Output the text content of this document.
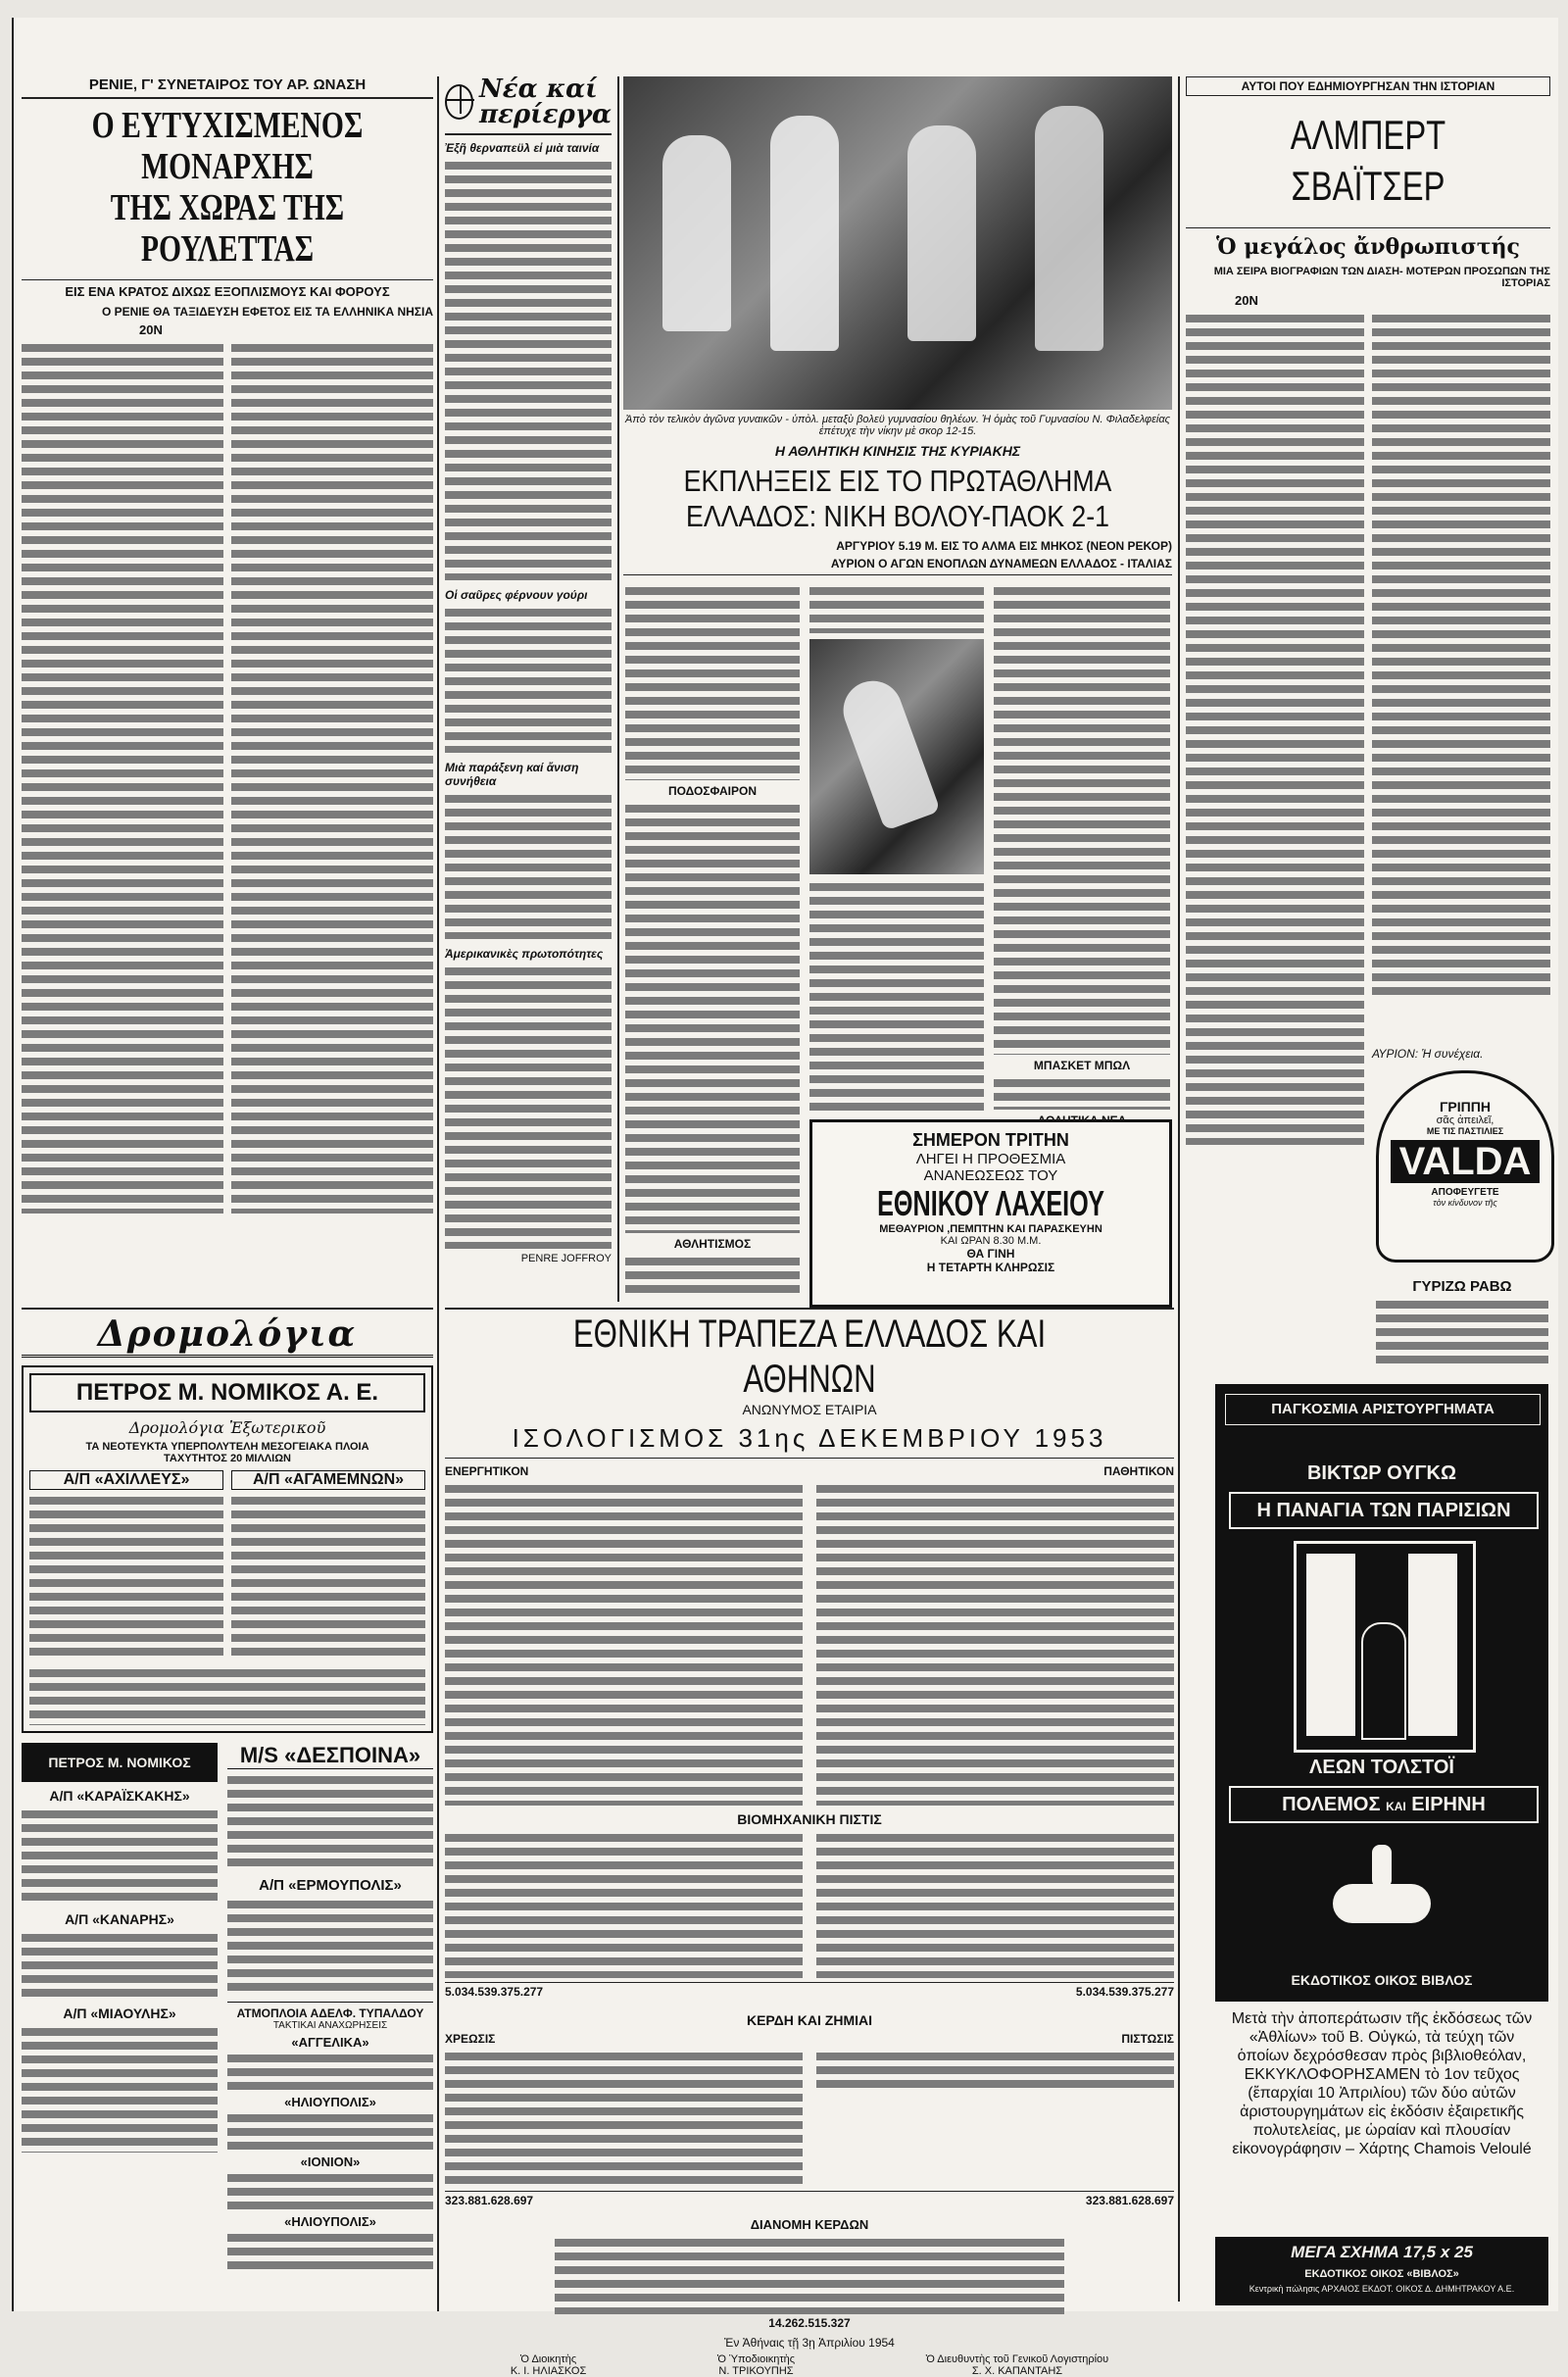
ΡΕΝΙΕ, Γ' ΣΥΝΕΤΑΙΡΟΣ ΤΟΥ ΑΡ. ΩΝΑΣΗ
Ο ΕΥΤΥΧΙΣΜΕΝΟΣ ΜΟΝΑΡΧΗΣ
ΤΗΣ ΧΩΡΑΣ ΤΗΣ ΡΟΥΛΕΤΤΑΣ
ΕΙΣ ΕΝΑ ΚΡΑΤΟΣ ΔΙΧΩΣ ΕΞΟΠΛΙΣΜΟΥΣ ΚΑΙ ΦΟΡΟΥΣ
Ο ΡΕΝΙΕ ΘΑ ΤΑΞΙΔΕΥΣΗ ΕΦΕΤΟΣ ΕΙΣ ΤΑ ΕΛΛΗΝΙΚΑ ΝΗΣΙΑ
20Ν
Νέα καί
περίεργα
Ἐξῆ θερναπεϋλ εἰ μιὰ ταινία
Οἱ σαῦρες φέρνουν γούρι
Μιὰ παράξενη καί ἄνιση συνήθεια
Ἀμερικανικὲς πρωτοπότητες
PENRE JOFFROY
Ἀπὸ τὸν τελικὸν ἀγῶνα γυναικῶν - ὑπὸλ. μεταξὺ βολεϋ γυμνασίου θηλέων. Ἡ ὁμὰς τοῦ Γυμνασίου Ν. Φιλαδελφείας ἐπέτυχε τὴν νίκην μὲ σκορ 12-15.
Η ΑΘΛΗΤΙΚΗ ΚΙΝΗΣΙΣ ΤΗΣ ΚΥΡΙΑΚΗΣ
ΕΚΠΛΗΞΕΙΣ ΕΙΣ ΤΟ ΠΡΩΤΑΘΛΗΜΑ
ΕΛΛΑΔΟΣ: ΝΙΚΗ ΒΟΛΟΥ-ΠΑΟΚ 2-1
ΑΡΓΥΡΙΟΥ 5.19 Μ. ΕΙΣ ΤΟ ΑΛΜΑ ΕΙΣ ΜΗΚΟΣ (ΝΕΟΝ ΡΕΚΟΡ)
ΑΥΡΙΟΝ Ο ΑΓΩΝ ΕΝΟΠΛΩΝ ΔΥΝΑΜΕΩΝ ΕΛΛΑΔΟΣ - ΙΤΑΛΙΑΣ
ΠΟΔΟΣΦΑΙΡΟΝ
ΑΘΛΗΤΙΣΜΟΣ
ΜΠΑΣΚΕΤ ΜΠΩΛ
ΣΗΜΕΡΟΝ ΤΡΙΤΗΝ
ΛΗΓΕΙ Η ΠΡΟΘΕΣΜΙΑ
ΑΝΑΝΕΩΣΕΩΣ ΤΟΥ
ΕΘΝΙΚΟΥ ΛΑΧΕΙΟΥ
ΜΕΘΑΥΡΙΟΝ ,ΠΕΜΠΤΗΝ ΚΑΙ ΠΑΡΑΣΚΕΥΗΝ
ΚΑΙ ΩΡΑΝ 8.30 Μ.Μ.
ΘΑ ΓΙΝΗ
Η ΤΕΤΑΡΤΗ ΚΛΗΡΩΣΙΣ
ΑΥΤΟΙ ΠΟΥ ΕΔΗΜΙΟΥΡΓΗΣΑΝ ΤΗΝ ΙΣΤΟΡΙΑΝ
ΑΛΜΠΕΡΤ ΣΒΑΪΤΣΕΡ
Ὁ μεγάλος ἄνθρωπιστής
ΜΙΑ ΣΕΙΡΑ ΒΙΟΓΡΑΦΙΩΝ ΤΩΝ ΔΙΑΣΗ- ΜΟΤΕΡΩΝ ΠΡΟΣΩΠΩΝ ΤΗΣ ΙΣΤΟΡΙΑΣ
20Ν
ΑΥΡΙΟΝ: Ἡ συνέχεια.
ΓΡΙΠΠΗ
σᾶς ἀπειλεῖ,
ΜΕ ΤΙΣ ΠΑΣΤΙΛΙΕΣ
VALDA
ΑΠΟΦΕΥΓΕΤΕ
τὸν κίνδυνον τῆς
ΓΥΡΙΖΩ ΡΑΒΩ
ΠΑΓΚΟΣΜΙΑ ΑΡΙΣΤΟΥΡΓΗΜΑΤΑ
ΒΙΚΤΩΡ ΟΥΓΚΩ
Η ΠΑΝΑΓΙΑ ΤΩΝ ΠΑΡΙΣΙΩΝ
ΛΕΩΝ ΤΟΛΣΤΟΪ
ΠΟΛΕΜΟΣ ΚΑΙ ΕΙΡΗΝΗ
ΕΚΔΟΤΙΚΟΣ ΟΙΚΟΣ ΒΙΒΛΟΣ
Μετὰ τὴν ἀποπεράτωσιν τῆς ἐκδόσεως τῶν «Ἀθλίων» τοῦ Β. Οὐγκώ, τὰ τεύχη τῶν ὁποίων δεχρόσθεσαν πρὸς βιβλιοθεόλαν, ΕΚΚΥΚΛΟΦΟΡΗΣΑΜΕΝ τὸ 1ον τεῦχος (ἔπαρχίαι 10 Ἀπριλίου) τῶν δύο αὐτῶν ἀριστουργημάτων εἰς ἐκδόσιν ἐξαιρετικῆς πολυτελείας, με ὡραίαν καὶ πλουσίαν εἰκονογράφησιν – Χάρτης Chamois Veloulé
ΜΕΓΑ ΣΧΗΜΑ 17,5 x 25
ΕΚΔΟΤΙΚΟΣ ΟΙΚΟΣ «ΒΙΒΛΟΣ»
Κεντρικὴ πώλησις ΑΡΧΑΙΟΣ ΕΚΔΟΤ. ΟΙΚΟΣ Δ. ΔΗΜΗΤΡΑΚΟΥ Α.Ε.
ΕΘΝΙΚΗ ΤΡΑΠΕΖΑ ΕΛΛΑΔΟΣ ΚΑΙ ΑΘΗΝΩΝ
ΑΝΩΝΥΜΟΣ ΕΤΑΙΡΙΑ
ΙΣΟΛΟΓΙΣΜΟΣ 31ης ΔΕΚΕΜΒΡΙΟΥ 1953
ΕΝΕΡΓΗΤΙΚΟΝ	ΠΑΘΗΤΙΚΟΝ
ΒΙΟΜΗΧΑΝΙΚΗ ΠΙΣΤΙΣ
5.034.539.375.277	5.034.539.375.277
ΚΕΡΔΗ ΚΑΙ ΖΗΜΙΑΙ
ΧΡΕΩΣΙΣ	ΠΙΣΤΩΣΙΣ
323.881.628.697	323.881.628.697
ΔΙΑΝΟΜΗ ΚΕΡΔΩΝ
14.262.515.327
Ἐν Ἀθήναις τῇ 3ῃ Ἀπριλίου 1954
Ὁ Διοικητὴς
Κ. Ι. ΗΛΙΑΣΚΟΣ
Ὁ Ὑποδιοικητὴς
Ν. ΤΡΙΚΟΥΠΗΣ
Ὁ Διευθυντὴς τοῦ Γενικοῦ Λογιστηρίου
Σ. Χ. ΚΑΠΑΝΤΑΗΣ
Δρομολόγια
ΠΕΤΡΟΣ Μ. ΝΟΜΙΚΟΣ Α. Ε.
Δρομολόγια Ἐξωτερικοῦ
ΤΑ ΝΕΟΤΕΥΚΤΑ ΥΠΕΡΠΟΛΥΤΕΛΗ ΜΕΣΟΓΕΙΑΚΑ ΠΛΟΙΑ
ΤΑΧΥΤΗΤΟΣ 20 ΜΙΛΛΙΩΝ
Α/Π «ΑΧΙΛΛΕΥΣ»	Α/Π «ΑΓΑΜΕΜΝΩΝ»
ΠΕΤΡΟΣ Μ. ΝΟΜΙΚΟΣ
Α/Π «ΚΑΡΑΪΣΚΑΚΗΣ»
Α/Π «ΚΑΝΑΡΗΣ»
Α/Π «ΜΙΑΟΥΛΗΣ»
Μ/S «ΔΕΣΠΟΙΝΑ»
Α/Π «ΕΡΜΟΥΠΟΛΙΣ»
ΑΤΜΟΠΛΟΙΑ ΑΔΕΛΦ. ΤΥΠΑΛΔΟΥ
ΤΑΚΤΙΚΑΙ ΑΝΑΧΩΡΗΣΕΙΣ
«ΑΓΓΕΛΙΚΑ»
«ΗΛΙΟΥΠΟΛΙΣ»
«ΙΟΝΙΟΝ»
«ΗΛΙΟΥΠΟΛΙΣ»
